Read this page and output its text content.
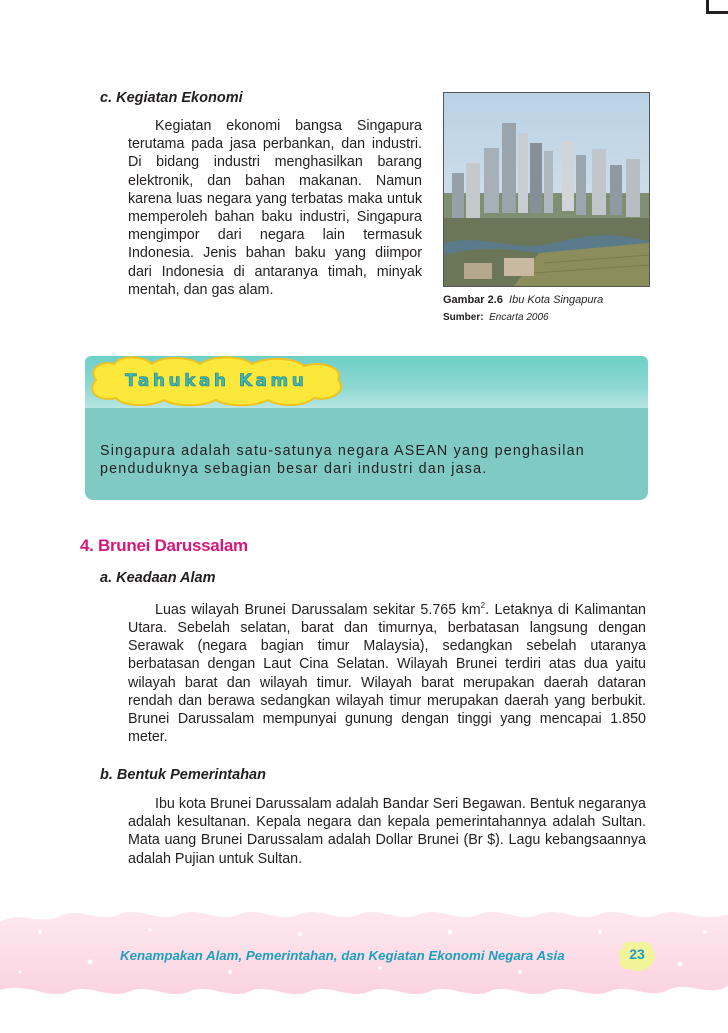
c. Kegiatan Ekonomi

Kegiatan ekonomi bangsa Singapura terutama pada jasa perbankan, dan industri. Di bidang industri menghasilkan barang elektronik, dan bahan makanan. Namun karena luas negara yang terbatas maka untuk memperoleh bahan baku industri, Singapura mengimpor dari negara lain termasuk Indonesia. Jenis bahan baku yang diimpor dari Indonesia di antaranya timah, minyak mentah, dan gas alam.

Gambar 2.6 Ibu Kota Singapura
Sumber: Encarta 2006
Tahukah Kamu
Singapura adalah satu-satunya negara ASEAN yang penghasilan penduduknya sebagian besar dari industri dan jasa.
4. Brunei Darussalam
a. Keadaan Alam

Luas wilayah Brunei Darussalam sekitar 5.765 $km^2$. Letaknya di Kalimantan Utara. Sebelah selatan, barat dan timurnya, berbatasan langsung dengan Serawak (negara bagian timur Malaysia), sedangkan sebelah utaranya berbatasan dengan Laut Cina Selatan. Wilayah Brunei terdiri atas dua yaitu wilayah barat dan wilayah timur. Wilayah barat merupakan daerah dataran rendah dan berawa sedangkan wilayah timur merupakan daerah yang berbukit. Brunei Darussalam mempunyai gunung dengan tinggi yang mencapai 1.850 meter.

b. Bentuk Pemerintahan

Ibu kota Brunei Darussalam adalah Bandar Seri Begawan. Bentuk negaranya adalah kesultanan. Kepala negara dan kepala pemerintahannya adalah Sultan. Mata uang Brunei Darussalam adalah Dollar Brunei (Br $). Lagu kebangsaannya adalah Pujian untuk Sultan.

Kenampakan Alam, Pemerintahan, dan Kegiatan Ekonomi Negara Asia	23
